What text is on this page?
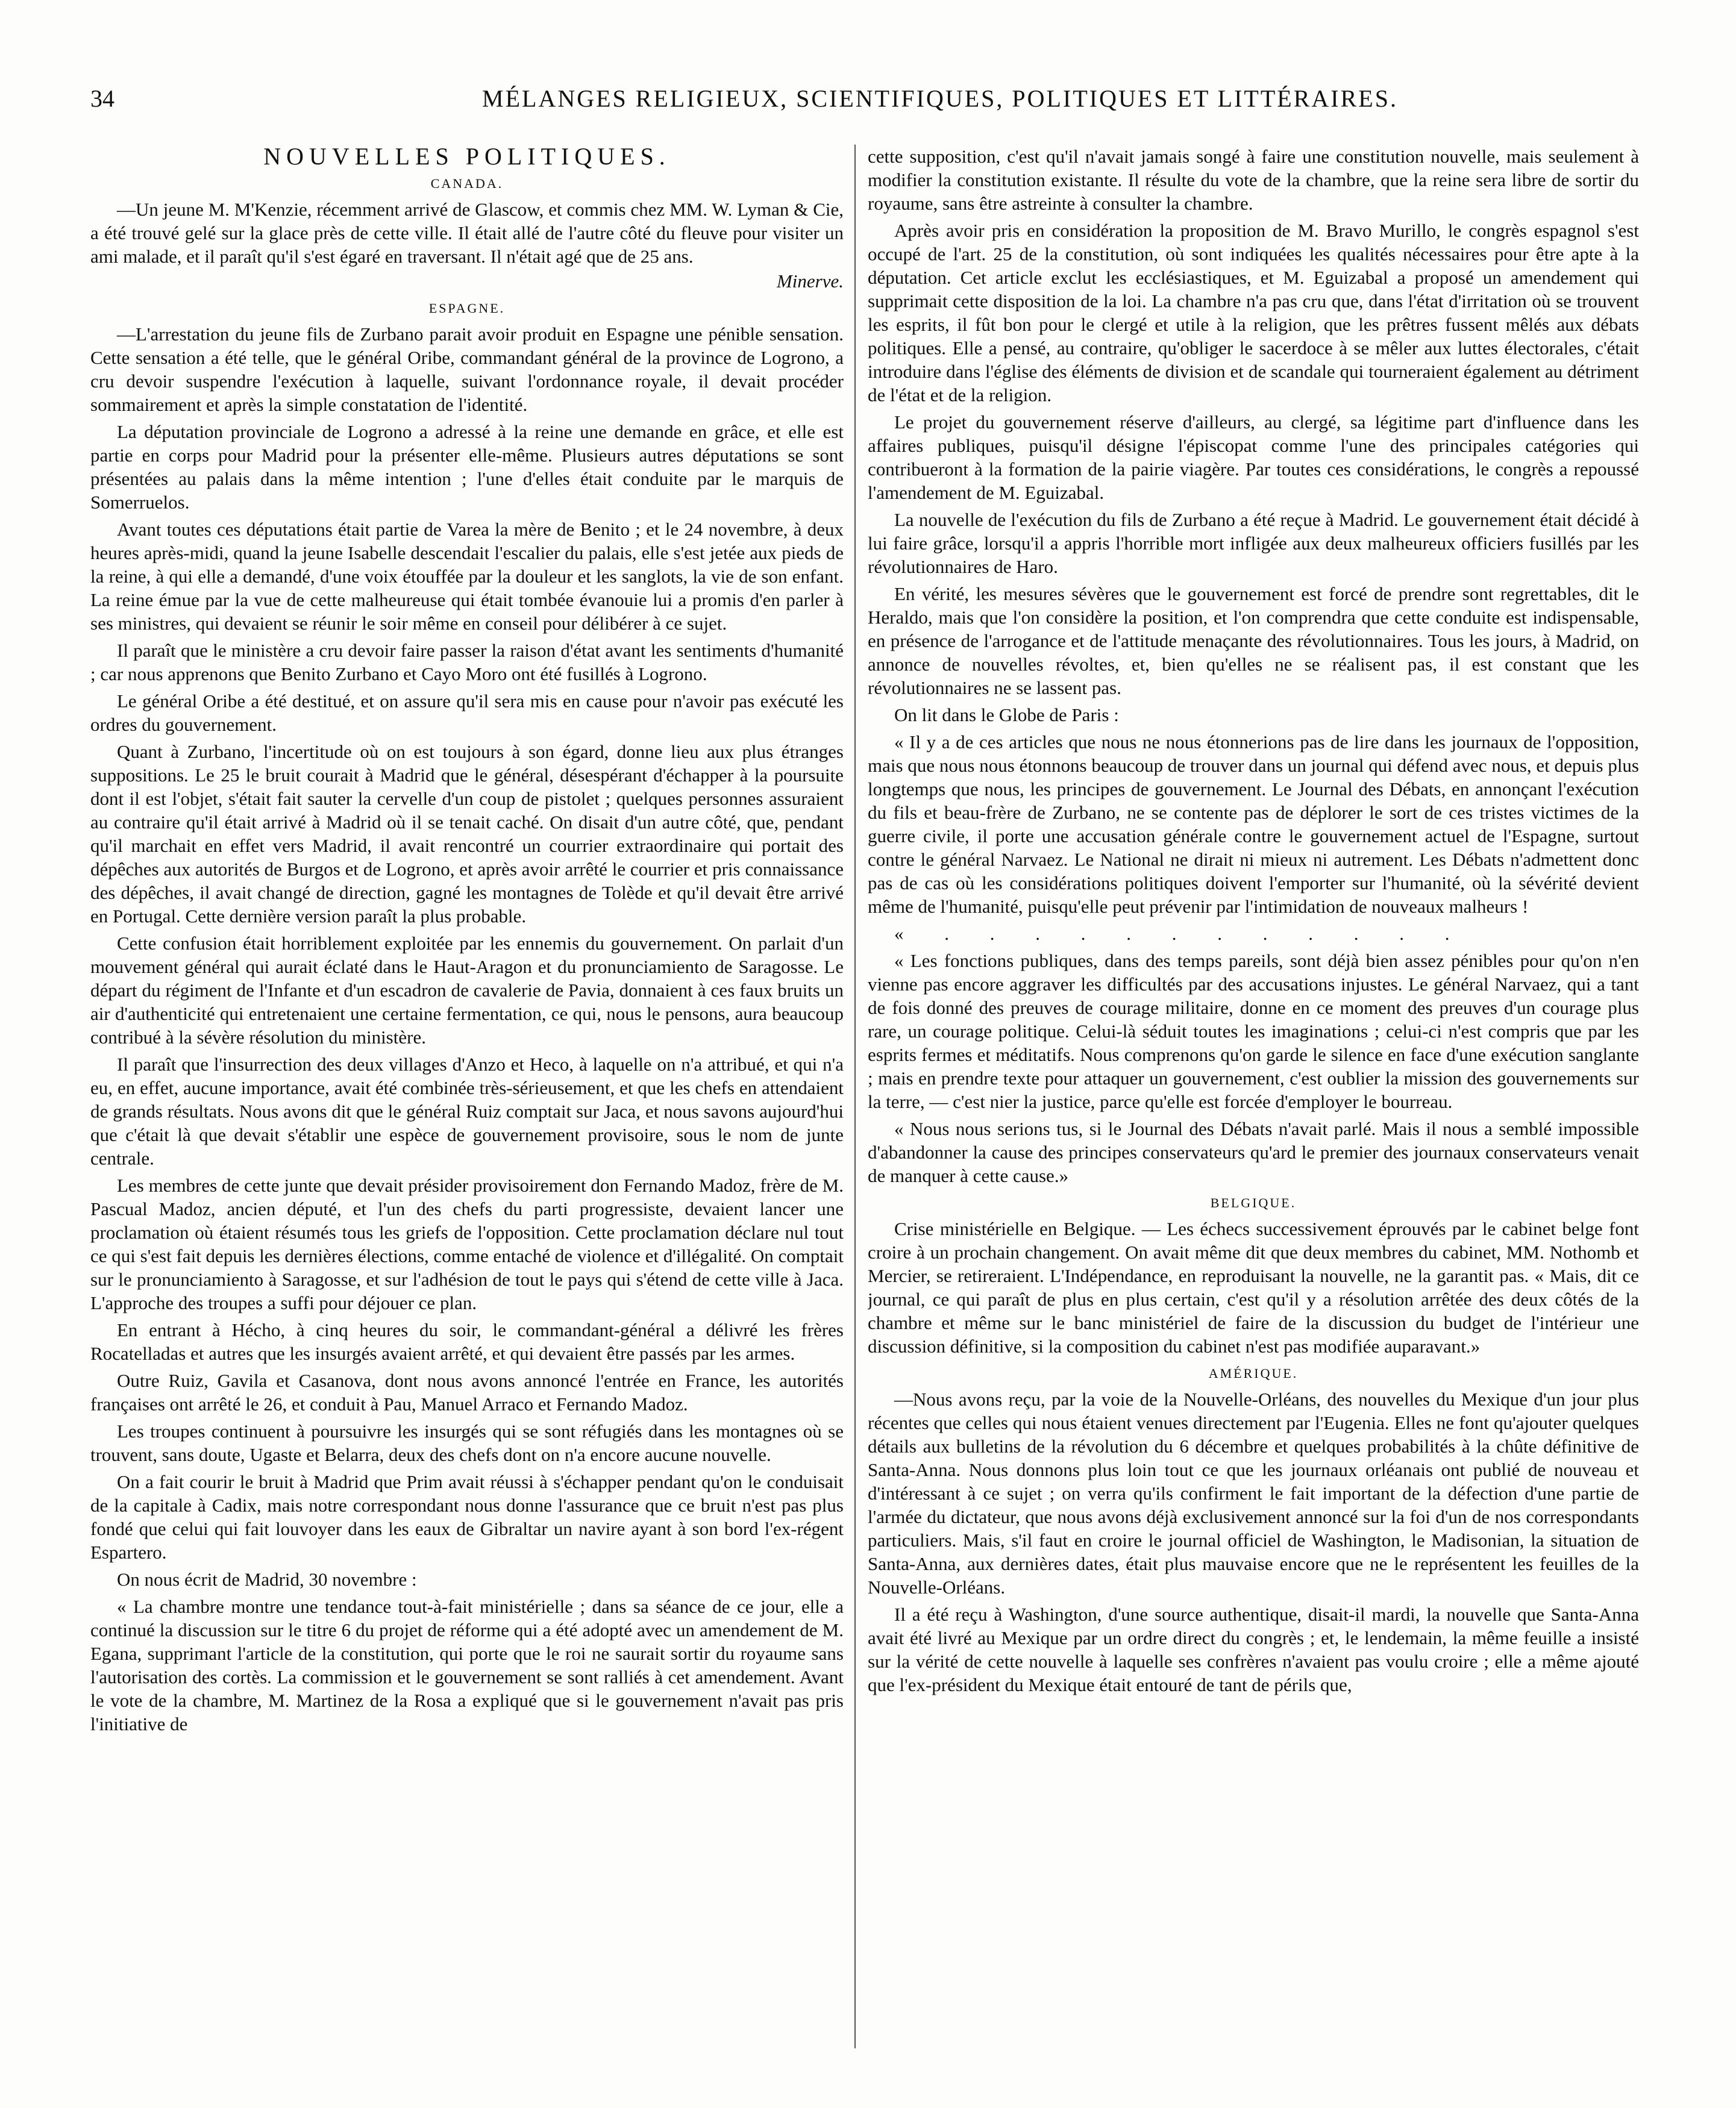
34	MÉLANGES RELIGIEUX, SCIENTIFIQUES, POLITIQUES ET LITTÉRAIRES.
NOUVELLES POLITIQUES.
CANADA.

—Un jeune M. M'Kenzie, récemment arrivé de Glascow, et commis chez MM. W. Lyman & Cie, a été trouvé gelé sur la glace près de cette ville. Il était allé de l'autre côté du fleuve pour visiter un ami malade, et il paraît qu'il s'est égaré en traversant. Il n'était agé que de 25 ans.

Minerve.

ESPAGNE.

—L'arrestation du jeune fils de Zurbano parait avoir produit en Espagne une pénible sensation. Cette sensation a été telle, que le général Oribe, commandant général de la province de Logrono, a cru devoir suspendre l'exécution à laquelle, suivant l'ordonnance royale, il devait procéder sommairement et après la simple constatation de l'identité.

La députation provinciale de Logrono a adressé à la reine une demande en grâce, et elle est partie en corps pour Madrid pour la présenter elle-même. Plusieurs autres députations se sont présentées au palais dans la même intention ; l'une d'elles était conduite par le marquis de Somerruelos.

Avant toutes ces députations était partie de Varea la mère de Benito ; et le 24 novembre, à deux heures après-midi, quand la jeune Isabelle descendait l'escalier du palais, elle s'est jetée aux pieds de la reine, à qui elle a demandé, d'une voix étouffée par la douleur et les sanglots, la vie de son enfant. La reine émue par la vue de cette malheureuse qui était tombée évanouie lui a promis d'en parler à ses ministres, qui devaient se réunir le soir même en conseil pour délibérer à ce sujet.

Il paraît que le ministère a cru devoir faire passer la raison d'état avant les sentiments d'humanité ; car nous apprenons que Benito Zurbano et Cayo Moro ont été fusillés à Logrono.

Le général Oribe a été destitué, et on assure qu'il sera mis en cause pour n'avoir pas exécuté les ordres du gouvernement.

Quant à Zurbano, l'incertitude où on est toujours à son égard, donne lieu aux plus étranges suppositions. Le 25 le bruit courait à Madrid que le général, désespérant d'échapper à la poursuite dont il est l'objet, s'était fait sauter la cervelle d'un coup de pistolet ; quelques personnes assuraient au contraire qu'il était arrivé à Madrid où il se tenait caché. On disait d'un autre côté, que, pendant qu'il marchait en effet vers Madrid, il avait rencontré un courrier extraordinaire qui portait des dépêches aux autorités de Burgos et de Logrono, et après avoir arrêté le courrier et pris connaissance des dépêches, il avait changé de direction, gagné les montagnes de Tolède et qu'il devait être arrivé en Portugal. Cette dernière version paraît la plus probable.

Cette confusion était horriblement exploitée par les ennemis du gouvernement. On parlait d'un mouvement général qui aurait éclaté dans le Haut-Aragon et du pronunciamiento de Saragosse. Le départ du régiment de l'Infante et d'un escadron de cavalerie de Pavia, donnaient à ces faux bruits un air d'authenticité qui entretenaient une certaine fermentation, ce qui, nous le pensons, aura beaucoup contribué à la sévère résolution du ministère.

Il paraît que l'insurrection des deux villages d'Anzo et Heco, à laquelle on n'a attribué, et qui n'a eu, en effet, aucune importance, avait été combinée très-sérieusement, et que les chefs en attendaient de grands résultats. Nous avons dit que le général Ruiz comptait sur Jaca, et nous savons aujourd'hui que c'était là que devait s'établir une espèce de gouvernement provisoire, sous le nom de junte centrale.

Les membres de cette junte que devait présider provisoirement don Fernando Madoz, frère de M. Pascual Madoz, ancien député, et l'un des chefs du parti progressiste, devaient lancer une proclamation où étaient résumés tous les griefs de l'opposition. Cette proclamation déclare nul tout ce qui s'est fait depuis les dernières élections, comme entaché de violence et d'illégalité. On comptait sur le pronunciamiento à Saragosse, et sur l'adhésion de tout le pays qui s'étend de cette ville à Jaca. L'approche des troupes a suffi pour déjouer ce plan.

En entrant à Hécho, à cinq heures du soir, le commandant-général a délivré les frères Rocatelladas et autres que les insurgés avaient arrêté, et qui devaient être passés par les armes.

Outre Ruiz, Gavila et Casanova, dont nous avons annoncé l'entrée en France, les autorités françaises ont arrêté le 26, et conduit à Pau, Manuel Arraco et Fernando Madoz.

Les troupes continuent à poursuivre les insurgés qui se sont réfugiés dans les montagnes où se trouvent, sans doute, Ugaste et Belarra, deux des chefs dont on n'a encore aucune nouvelle.

On a fait courir le bruit à Madrid que Prim avait réussi à s'échapper pendant qu'on le conduisait de la capitale à Cadix, mais notre correspondant nous donne l'assurance que ce bruit n'est pas plus fondé que celui qui fait louvoyer dans les eaux de Gibraltar un navire ayant à son bord l'ex-régent Espartero.

On nous écrit de Madrid, 30 novembre :

« La chambre montre une tendance tout-à-fait ministérielle ; dans sa séance de ce jour, elle a continué la discussion sur le titre 6 du projet de réforme qui a été adopté avec un amendement de M. Egana, supprimant l'article de la constitution, qui porte que le roi ne saurait sortir du royaume sans l'autorisation des cortès. La commission et le gouvernement se sont ralliés à cet amendement. Avant le vote de la chambre, M. Martinez de la Rosa a expliqué que si le gouvernement n'avait pas pris l'initiative de

cette supposition, c'est qu'il n'avait jamais songé à faire une constitution nouvelle, mais seulement à modifier la constitution existante. Il résulte du vote de la chambre, que la reine sera libre de sortir du royaume, sans être astreinte à consulter la chambre.

Après avoir pris en considération la proposition de M. Bravo Murillo, le congrès espagnol s'est occupé de l'art. 25 de la constitution, où sont indiquées les qualités nécessaires pour être apte à la députation. Cet article exclut les ecclésiastiques, et M. Eguizabal a proposé un amendement qui supprimait cette disposition de la loi. La chambre n'a pas cru que, dans l'état d'irritation où se trouvent les esprits, il fût bon pour le clergé et utile à la religion, que les prêtres fussent mêlés aux débats politiques. Elle a pensé, au contraire, qu'obliger le sacerdoce à se mêler aux luttes électorales, c'était introduire dans l'église des éléments de division et de scandale qui tourneraient également au détriment de l'état et de la religion.

Le projet du gouvernement réserve d'ailleurs, au clergé, sa légitime part d'influence dans les affaires publiques, puisqu'il désigne l'épiscopat comme l'une des principales catégories qui contribueront à la formation de la pairie viagère. Par toutes ces considérations, le congrès a repoussé l'amendement de M. Eguizabal.

La nouvelle de l'exécution du fils de Zurbano a été reçue à Madrid. Le gouvernement était décidé à lui faire grâce, lorsqu'il a appris l'horrible mort infligée aux deux malheureux officiers fusillés par les révolutionnaires de Haro.

En vérité, les mesures sévères que le gouvernement est forcé de prendre sont regrettables, dit le Heraldo, mais que l'on considère la position, et l'on comprendra que cette conduite est indispensable, en présence de l'arrogance et de l'attitude menaçante des révolutionnaires. Tous les jours, à Madrid, on annonce de nouvelles révoltes, et, bien qu'elles ne se réalisent pas, il est constant que les révolutionnaires ne se lassent pas.

On lit dans le Globe de Paris :

« Il y a de ces articles que nous ne nous étonnerions pas de lire dans les journaux de l'opposition, mais que nous nous étonnons beaucoup de trouver dans un journal qui défend avec nous, et depuis plus longtemps que nous, les principes de gouvernement. Le Journal des Débats, en annonçant l'exécution du fils et beau-frère de Zurbano, ne se contente pas de déplorer le sort de ces tristes victimes de la guerre civile, il porte une accusation générale contre le gouvernement actuel de l'Espagne, surtout contre le général Narvaez. Le National ne dirait ni mieux ni autrement. Les Débats n'admettent donc pas de cas où les considérations politiques doivent l'emporter sur l'humanité, où la sévérité devient même de l'humanité, puisqu'elle peut prévenir par l'intimidation de nouveaux malheurs !

« . . . . . . . . . . . .

« Les fonctions publiques, dans des temps pareils, sont déjà bien assez pénibles pour qu'on n'en vienne pas encore aggraver les difficultés par des accusations injustes. Le général Narvaez, qui a tant de fois donné des preuves de courage militaire, donne en ce moment des preuves d'un courage plus rare, un courage politique. Celui-là séduit toutes les imaginations ; celui-ci n'est compris que par les esprits fermes et méditatifs. Nous comprenons qu'on garde le silence en face d'une exécution sanglante ; mais en prendre texte pour attaquer un gouvernement, c'est oublier la mission des gouvernements sur la terre, — c'est nier la justice, parce qu'elle est forcée d'employer le bourreau.

« Nous nous serions tus, si le Journal des Débats n'avait parlé. Mais il nous a semblé impossible d'abandonner la cause des principes conservateurs qu'ard le premier des journaux conservateurs venait de manquer à cette cause.»

BELGIQUE.

Crise ministérielle en Belgique. — Les échecs successivement éprouvés par le cabinet belge font croire à un prochain changement. On avait même dit que deux membres du cabinet, MM. Nothomb et Mercier, se retireraient. L'Indépendance, en reproduisant la nouvelle, ne la garantit pas. « Mais, dit ce journal, ce qui paraît de plus en plus certain, c'est qu'il y a résolution arrêtée des deux côtés de la chambre et même sur le banc ministériel de faire de la discussion du budget de l'intérieur une discussion définitive, si la composition du cabinet n'est pas modifiée auparavant.»

AMÉRIQUE.

—Nous avons reçu, par la voie de la Nouvelle-Orléans, des nouvelles du Mexique d'un jour plus récentes que celles qui nous étaient venues directement par l'Eugenia. Elles ne font qu'ajouter quelques détails aux bulletins de la révolution du 6 décembre et quelques probabilités à la chûte définitive de Santa-Anna. Nous donnons plus loin tout ce que les journaux orléanais ont publié de nouveau et d'intéressant à ce sujet ; on verra qu'ils confirment le fait important de la défection d'une partie de l'armée du dictateur, que nous avons déjà exclusivement annoncé sur la foi d'un de nos correspondants particuliers. Mais, s'il faut en croire le journal officiel de Washington, le Madisonian, la situation de Santa-Anna, aux dernières dates, était plus mauvaise encore que ne le représentent les feuilles de la Nouvelle-Orléans.

Il a été reçu à Washington, d'une source authentique, disait-il mardi, la nouvelle que Santa-Anna avait été livré au Mexique par un ordre direct du congrès ; et, le lendemain, la même feuille a insisté sur la vérité de cette nouvelle à laquelle ses confrères n'avaient pas voulu croire ; elle a même ajouté que l'ex-président du Mexique était entouré de tant de périls que,
